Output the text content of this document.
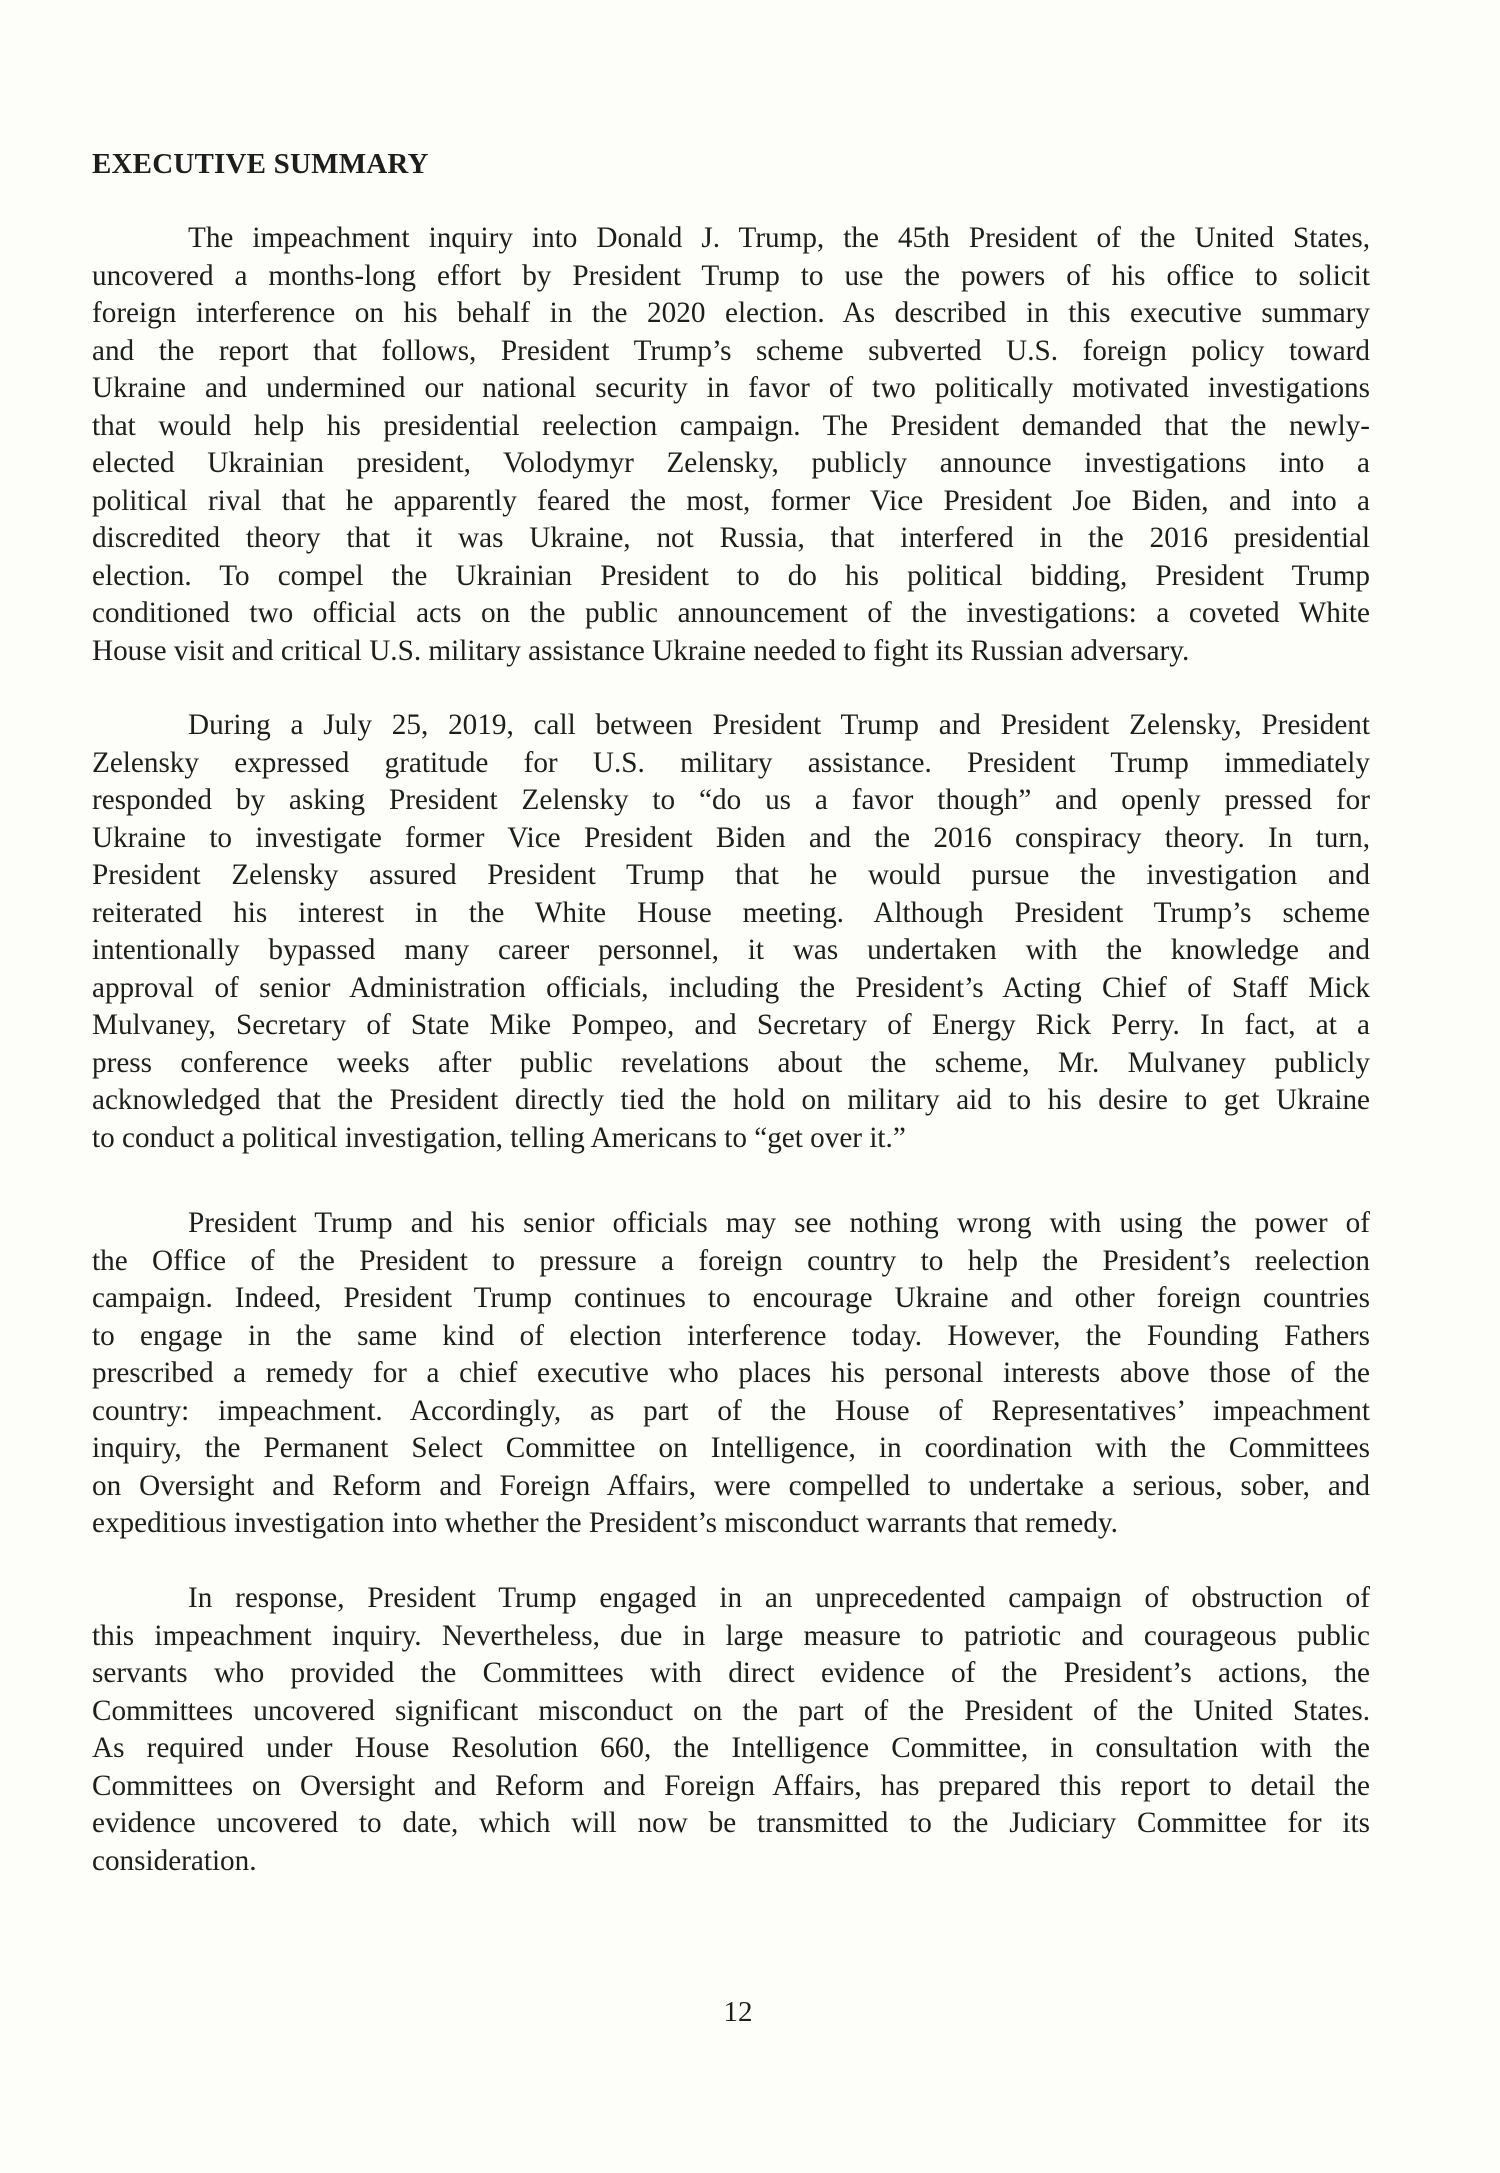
EXECUTIVE SUMMARY
The impeachment inquiry into Donald J. Trump, the 45th President of the United States,
uncovered a months-long effort by President Trump to use the powers of his office to solicit
foreign interference on his behalf in the 2020 election. As described in this executive summary
and the report that follows, President Trump’s scheme subverted U.S. foreign policy toward
Ukraine and undermined our national security in favor of two politically motivated investigations
that would help his presidential reelection campaign. The President demanded that the newly-
elected Ukrainian president, Volodymyr Zelensky, publicly announce investigations into a
political rival that he apparently feared the most, former Vice President Joe Biden, and into a
discredited theory that it was Ukraine, not Russia, that interfered in the 2016 presidential
election. To compel the Ukrainian President to do his political bidding, President Trump
conditioned two official acts on the public announcement of the investigations: a coveted White
House visit and critical U.S. military assistance Ukraine needed to fight its Russian adversary.
During a July 25, 2019, call between President Trump and President Zelensky, President
Zelensky expressed gratitude for U.S. military assistance. President Trump immediately
responded by asking President Zelensky to “do us a favor though” and openly pressed for
Ukraine to investigate former Vice President Biden and the 2016 conspiracy theory. In turn,
President Zelensky assured President Trump that he would pursue the investigation and
reiterated his interest in the White House meeting. Although President Trump’s scheme
intentionally bypassed many career personnel, it was undertaken with the knowledge and
approval of senior Administration officials, including the President’s Acting Chief of Staff Mick
Mulvaney, Secretary of State Mike Pompeo, and Secretary of Energy Rick Perry. In fact, at a
press conference weeks after public revelations about the scheme, Mr. Mulvaney publicly
acknowledged that the President directly tied the hold on military aid to his desire to get Ukraine
to conduct a political investigation, telling Americans to “get over it.”
President Trump and his senior officials may see nothing wrong with using the power of
the Office of the President to pressure a foreign country to help the President’s reelection
campaign. Indeed, President Trump continues to encourage Ukraine and other foreign countries
to engage in the same kind of election interference today. However, the Founding Fathers
prescribed a remedy for a chief executive who places his personal interests above those of the
country: impeachment. Accordingly, as part of the House of Representatives’ impeachment
inquiry, the Permanent Select Committee on Intelligence, in coordination with the Committees
on Oversight and Reform and Foreign Affairs, were compelled to undertake a serious, sober, and
expeditious investigation into whether the President’s misconduct warrants that remedy.
In response, President Trump engaged in an unprecedented campaign of obstruction of
this impeachment inquiry. Nevertheless, due in large measure to patriotic and courageous public
servants who provided the Committees with direct evidence of the President’s actions, the
Committees uncovered significant misconduct on the part of the President of the United States.
As required under House Resolution 660, the Intelligence Committee, in consultation with the
Committees on Oversight and Reform and Foreign Affairs, has prepared this report to detail the
evidence uncovered to date, which will now be transmitted to the Judiciary Committee for its
consideration.
12
